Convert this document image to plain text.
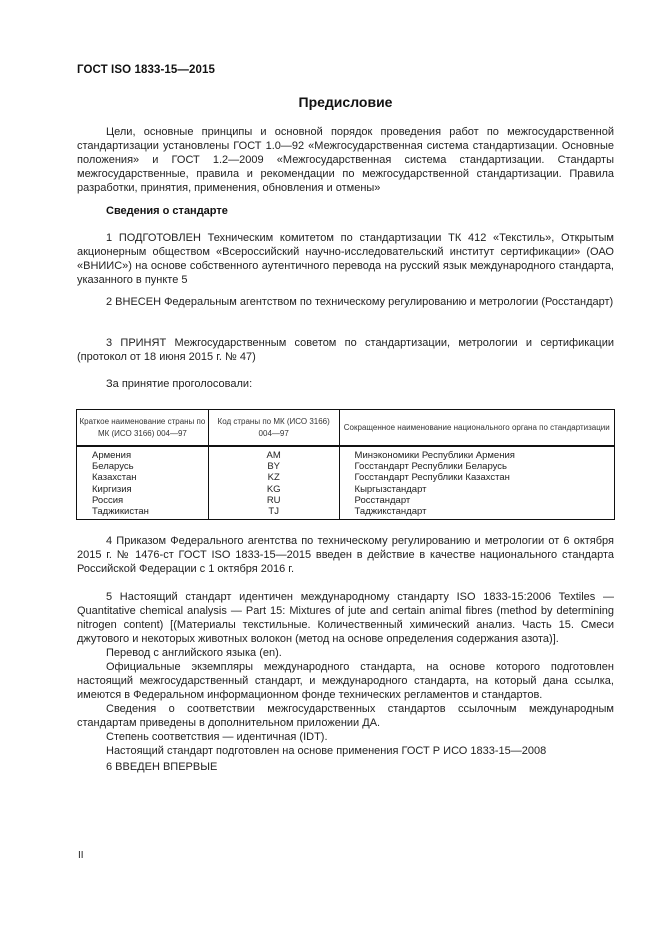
ГОСТ ISO 1833-15—2015
Предисловие
Цели, основные принципы и основной порядок проведения работ по межгосударственной стандартизации установлены ГОСТ 1.0—92 «Межгосударственная система стандартизации. Основные положения» и ГОСТ 1.2—2009 «Межгосударственная система стандартизации. Стандарты межгосударственные, правила и рекомендации по межгосударственной стандартизации. Правила разработки, принятия, применения, обновления и отмены»
Сведения о стандарте
1 ПОДГОТОВЛЕН Техническим комитетом по стандартизации ТК 412 «Текстиль», Открытым акционерным обществом «Всероссийский научно-исследовательский институт сертификации» (ОАО «ВНИИС») на основе собственного аутентичного перевода на русский язык международного стандарта, указанного в пункте 5
2 ВНЕСЕН Федеральным агентством по техническому регулированию и метрологии (Росстандарт)
3 ПРИНЯТ Межгосударственным советом по стандартизации, метрологии и сертификации (протокол от 18 июня 2015 г. № 47)
За принятие проголосовали:
Краткое наименование страны по МК (ИСО 3166) 004—97	Код страны по МК (ИСО 3166) 004—97	Сокращенное наименование национального органа по стандартизации
Армения	AM	Минэкономики Республики Армения
Беларусь	BY	Госстандарт Республики Беларусь
Казахстан	KZ	Госстандарт Республики Казахстан
Киргизия	KG	Кыргызстандарт
Россия	RU	Росстандарт
Таджикистан	TJ	Таджикстандарт
4 Приказом Федерального агентства по техническому регулированию и метрологии от 6 октября 2015 г. № 1476-ст ГОСТ ISO 1833-15—2015 введен в действие в качестве национального стандарта Российской Федерации с 1 октября 2016 г.
5 Настоящий стандарт идентичен международному стандарту ISO 1833-15:2006 Textiles — Quantitative chemical analysis — Part 15: Mixtures of jute and certain animal fibres (method by determining nitrogen content) [(Материалы текстильные. Количественный химический анализ. Часть 15. Смеси джутового и некоторых животных волокон (метод на основе определения содержания азота)].
Перевод с английского языка (en).
Официальные экземпляры международного стандарта, на основе которого подготовлен настоящий межгосударственный стандарт, и международного стандарта, на который дана ссылка, имеются в Федеральном информационном фонде технических регламентов и стандартов.
Сведения о соответствии межгосударственных стандартов ссылочным международным стандартам приведены в дополнительном приложении ДА.
Степень соответствия — идентичная (IDT).
Настоящий стандарт подготовлен на основе применения ГОСТ Р ИСО 1833-15—2008
6 ВВЕДЕН ВПЕРВЫЕ
II
